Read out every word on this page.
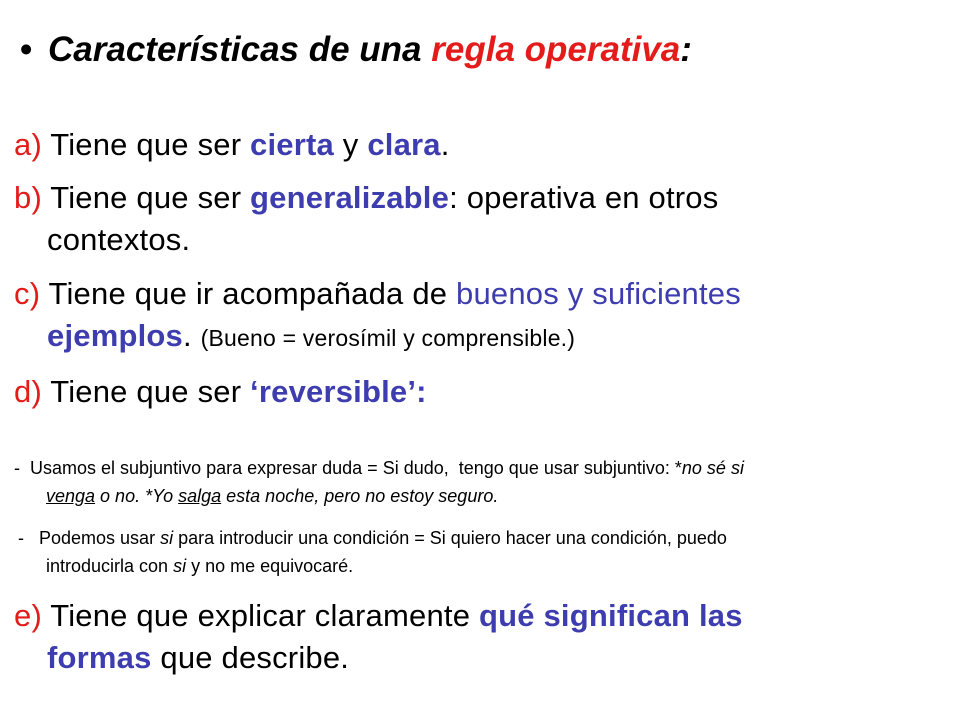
• Características de una regla operativa:
a) Tiene que ser cierta y clara.
b) Tiene que ser generalizable: operativa en otros
contextos.
c) Tiene que ir acompañada de buenos y suficientes
ejemplos. (Bueno = verosímil y comprensible.)
d) Tiene que ser ‘reversible’:
-  Usamos el subjuntivo para expresar duda = Si dudo,  tengo que usar subjuntivo: *no sé si
venga o no. *Yo salga esta noche, pero no estoy seguro.
-   Podemos usar si para introducir una condición = Si quiero hacer una condición, puedo
introducirla con si y no me equivocaré.
e) Tiene que explicar claramente qué significan las
formas que describe.
